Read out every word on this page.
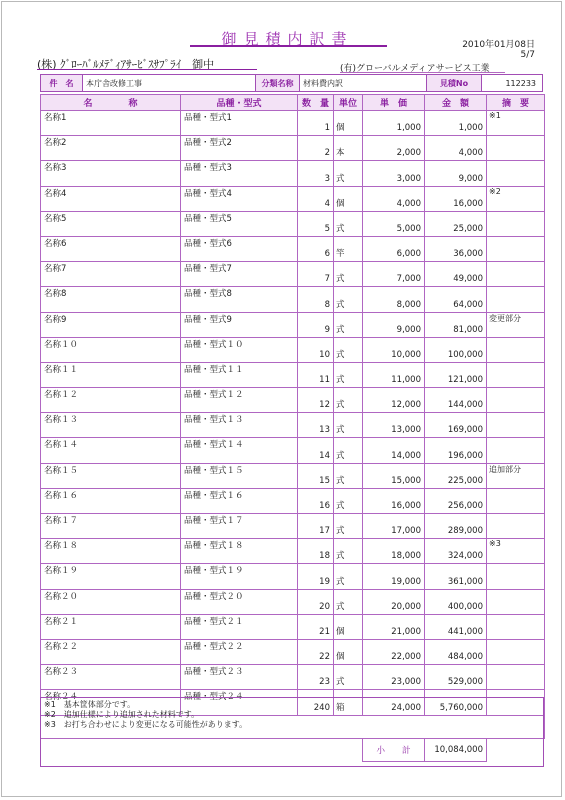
御見積内訳書	2010年01月08日
5/7
(株) ｸﾞﾛｰﾊﾞﾙﾒﾃﾞｨｱｻｰﾋﾞｽｻﾌﾟﾗｲ　御中	(有)グローバルメディアサービス工業
件　名	本庁舎改修工事	分類名称	材料費内訳	見積No	112233
名　　　　称	品種・型式	数　量	単位	単　価	金　額	摘　要
名称1	品種・型式1	1	個	1,000	1,000	※1
名称2	品種・型式2	2	本	2,000	4,000	
名称3	品種・型式3	3	式	3,000	9,000	
名称4	品種・型式4	4	個	4,000	16,000	※2
名称5	品種・型式5	5	式	5,000	25,000	
名称6	品種・型式6	6	竿	6,000	36,000	
名称7	品種・型式7	7	式	7,000	49,000	
名称8	品種・型式8	8	式	8,000	64,000	
名称9	品種・型式9	9	式	9,000	81,000	変更部分
名称１０	品種・型式１０	10	式	10,000	100,000	
名称１１	品種・型式１１	11	式	11,000	121,000	
名称１２	品種・型式１２	12	式	12,000	144,000	
名称１３	品種・型式１３	13	式	13,000	169,000	
名称１４	品種・型式１４	14	式	14,000	196,000	
名称１５	品種・型式１５	15	式	15,000	225,000	追加部分
名称１６	品種・型式１６	16	式	16,000	256,000	
名称１７	品種・型式１７	17	式	17,000	289,000	
名称１８	品種・型式１８	18	式	18,000	324,000	※3
名称１９	品種・型式１９	19	式	19,000	361,000	
名称２０	品種・型式２０	20	式	20,000	400,000	
名称２１	品種・型式２１	21	個	21,000	441,000	
名称２２	品種・型式２２	22	個	22,000	484,000	
名称２３	品種・型式２３	23	式	23,000	529,000	
名称２４	品種・型式２４	240	箱	24,000	5,760,000	

				小　　計	10,084,000	
※1　基本筐体部分です。
※2　追加仕様により追加された材料です。
※3　お打ち合わせにより変更になる可能性があります。
